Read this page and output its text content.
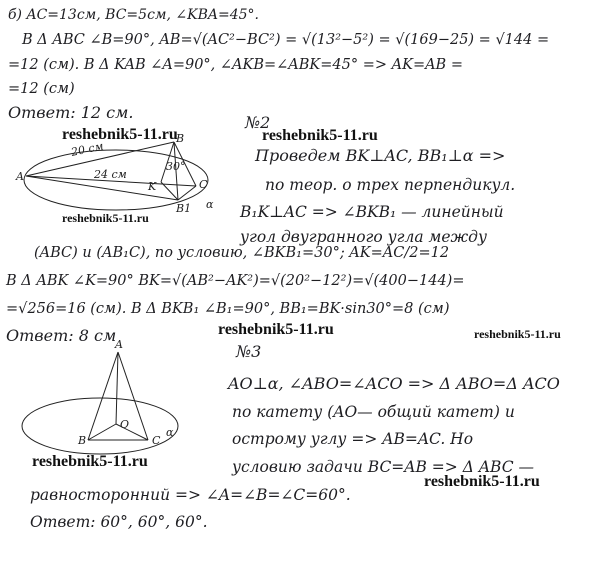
б) AC=13см, BC=5см, ∠KBA=45°.
В Δ ABC ∠B=90°, AB=√(AC²−BC²) = √(13²−5²) = √(169−25) = √144 =
=12 (см). В Δ KAB ∠A=90°, ∠AKB=∠ABK=45° => AK=AB =
=12 (см)
Ответ: 12 см.
№2
Проведем BK⊥AC, BB₁⊥α =>
по теор. о трех перпендикул.
B₁K⊥AC => ∠BKB₁ — линейный
угол двугранного угла между
(ABC) и (AB₁C), по условию, ∠BKB₁=30°; AK=AC/2=12
В Δ ABK ∠K=90° BK=√(AB²−AK²)=√(20²−12²)=√(400−144)=
=√256=16 (см). В Δ BKB₁ ∠B₁=90°, BB₁=BK·sin30°=8 (см)
Ответ: 8 см
№3
AO⊥α, ∠ABO=∠ACO => Δ ABO=Δ ACO
по катету (AO— общий катет) и
острому углу => AB=AC. Но
условию задачи BC=AB => Δ ABC —
равносторонний => ∠A=∠B=∠C=60°.
Ответ: 60°, 60°, 60°.
reshebnik5-11.ru	reshebnik5-11.ru
reshebnik5-11.ru
reshebnik5-11.ru	reshebnik5-11.ru
reshebnik5-11.ru
reshebnik5-11.ru
B
A
C
K
B1
20 см
24 см
30°
α
A
B
O
C
α
